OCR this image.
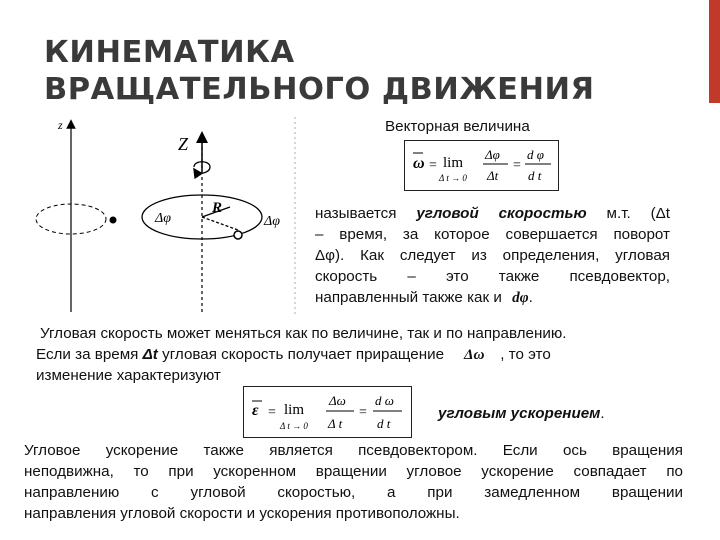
КИНЕМАТИКА
ВРАЩАТЕЛЬНОГО ДВИЖЕНИЯ
z
Z
R
Δφ	Δφ
Векторная величина
ω = lim
Δ t → 0
Δφ
Δt
=
d φ
d t
называется угловой скоростью м.т. (Δt
– время, за которое совершается поворот
Δφ). Как следует из определения, угловая
скорость – это также псевдовектор,
направленный также как и dφ.
Угловая скорость может меняться как по величине, так и по направлению.
Если за время Δt угловая скорость получает приращение Δω , то это
изменение характеризуют
ε = lim
Δ t → 0
Δω
Δ t
=
d ω
d t
угловым ускорением.
Угловое ускорение также является псевдовектором. Если ось вращения
неподвижна, то при ускоренном вращении угловое ускорение совпадает по
направлению с угловой скоростью, а при замедленном вращении
направления угловой скорости и ускорения противоположны.
